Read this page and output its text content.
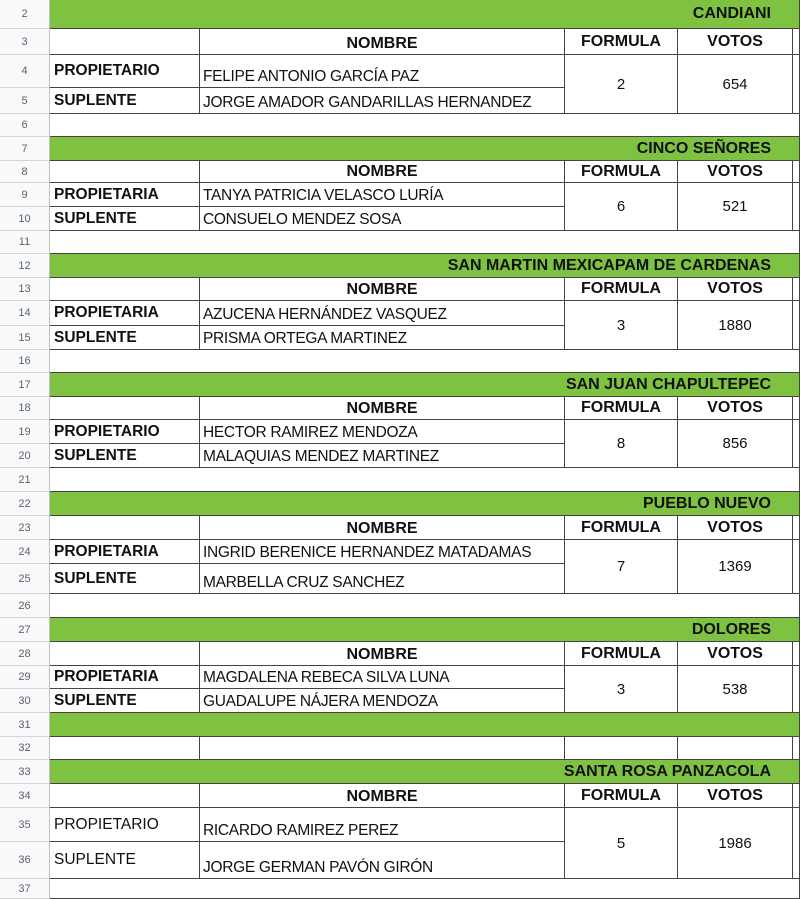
2
3
4
5
6
7
8
9
10
11
12
13
14
15
16
17
18
19
20
21
22
23
24
25
26
27
28
29
30
31
32
33
34
35
36
37
CANDIANI
NOMBRE	FORMULA	VOTOS
PROPIETARIO	FELIPE ANTONIO GARCÍA PAZ
SUPLENTE	JORGE AMADOR GANDARILLAS HERNANDEZ
2	654
CINCO SEÑORES
NOMBRE	FORMULA	VOTOS
PROPIETARIA	TANYA PATRICIA VELASCO LURÍA
SUPLENTE	CONSUELO MENDEZ SOSA
6	521
SAN MARTIN MEXICAPAM DE CARDENAS
NOMBRE	FORMULA	VOTOS
PROPIETARIA	AZUCENA HERNÁNDEZ VASQUEZ
SUPLENTE	PRISMA ORTEGA MARTINEZ
3	1880
SAN JUAN CHAPULTEPEC
NOMBRE	FORMULA	VOTOS
PROPIETARIO	HECTOR RAMIREZ MENDOZA
SUPLENTE	MALAQUIAS MENDEZ MARTINEZ
8	856
PUEBLO NUEVO
NOMBRE	FORMULA	VOTOS
PROPIETARIA	INGRID BERENICE HERNANDEZ MATADAMAS
SUPLENTE	MARBELLA CRUZ SANCHEZ
7	1369
DOLORES
NOMBRE	FORMULA	VOTOS
PROPIETARIA	MAGDALENA REBECA SILVA LUNA
SUPLENTE	GUADALUPE NÁJERA MENDOZA
3	538
SANTA ROSA PANZACOLA
NOMBRE	FORMULA	VOTOS
PROPIETARIO	RICARDO RAMIREZ PEREZ
SUPLENTE	JORGE GERMAN PAVÓN GIRÓN
5	1986
